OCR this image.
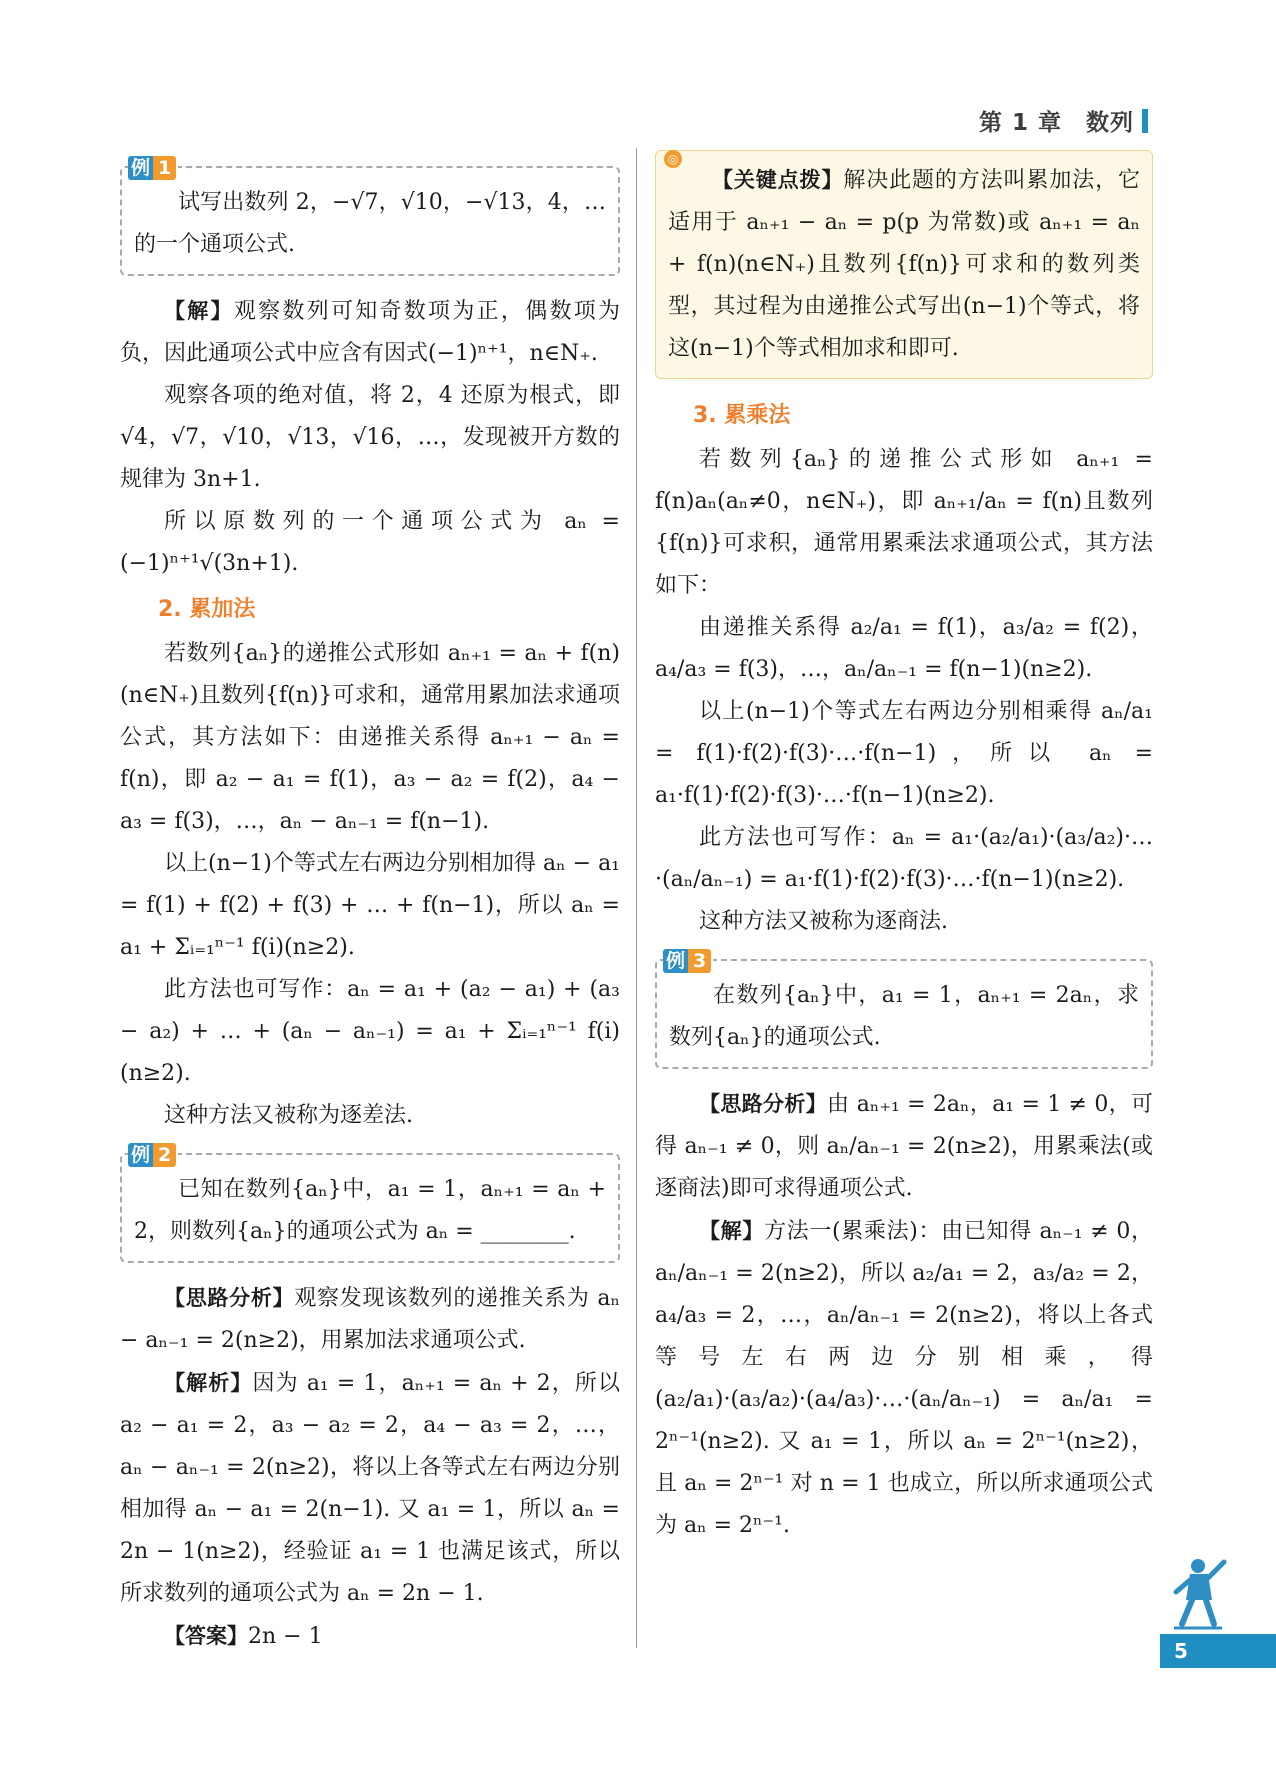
第 1 章　数列
例 1

试写出数列 2，−√7，√10，−√13，4，… 的一个通项公式.

【解】观察数列可知奇数项为正，偶数项为负，因此通项公式中应含有因式(−1)ⁿ⁺¹，n∈N₊.

观察各项的绝对值，将 2，4 还原为根式，即 √4，√7，√10，√13，√16，…，发现被开方数的规律为 3n+1.

所以原数列的一个通项公式为 aₙ = (−1)ⁿ⁺¹√(3n+1).

2. 累加法

若数列{aₙ}的递推公式形如 aₙ₊₁ = aₙ + f(n)(n∈N₊)且数列{f(n)}可求和，通常用累加法求通项公式，其方法如下：由递推关系得 aₙ₊₁ − aₙ = f(n)，即 a₂ − a₁ = f(1)，a₃ − a₂ = f(2)，a₄ − a₃ = f(3)，…，aₙ − aₙ₋₁ = f(n−1).

以上(n−1)个等式左右两边分别相加得 aₙ − a₁ = f(1) + f(2) + f(3) + … + f(n−1)，所以 aₙ = a₁ + Σᵢ₌₁ⁿ⁻¹ f(i)(n≥2).

此方法也可写作：aₙ = a₁ + (a₂ − a₁) + (a₃ − a₂) + … + (aₙ − aₙ₋₁) = a₁ + Σᵢ₌₁ⁿ⁻¹ f(i)(n≥2).

这种方法又被称为逐差法.

例 2

已知在数列{aₙ}中，a₁ = 1，aₙ₊₁ = aₙ + 2，则数列{aₙ}的通项公式为 aₙ = ________.

【思路分析】观察发现该数列的递推关系为 aₙ − aₙ₋₁ = 2(n≥2)，用累加法求通项公式.

【解析】因为 a₁ = 1，aₙ₊₁ = aₙ + 2，所以 a₂ − a₁ = 2，a₃ − a₂ = 2，a₄ − a₃ = 2，…，aₙ − aₙ₋₁ = 2(n≥2)，将以上各等式左右两边分别相加得 aₙ − a₁ = 2(n−1). 又 a₁ = 1，所以 aₙ = 2n − 1(n≥2)，经验证 a₁ = 1 也满足该式，所以所求数列的通项公式为 aₙ = 2n − 1.

【答案】2n − 1

◎

【关键点拨】解决此题的方法叫累加法，它适用于 aₙ₊₁ − aₙ = p(p 为常数)或 aₙ₊₁ = aₙ + f(n)(n∈N₊)且数列{f(n)}可求和的数列类型，其过程为由递推公式写出(n−1)个等式，将这(n−1)个等式相加求和即可.

3. 累乘法

若数列{aₙ}的递推公式形如 aₙ₊₁ = f(n)aₙ(aₙ≠0，n∈N₊)，即 aₙ₊₁/aₙ = f(n)且数列{f(n)}可求积，通常用累乘法求通项公式，其方法如下：

由递推关系得 a₂/a₁ = f(1)，a₃/a₂ = f(2)，a₄/a₃ = f(3)，…，aₙ/aₙ₋₁ = f(n−1)(n≥2).

以上(n−1)个等式左右两边分别相乘得 aₙ/a₁ = f(1)·f(2)·f(3)·…·f(n−1)，所以 aₙ = a₁·f(1)·f(2)·f(3)·…·f(n−1)(n≥2).

此方法也可写作：aₙ = a₁·(a₂/a₁)·(a₃/a₂)·…·(aₙ/aₙ₋₁) = a₁·f(1)·f(2)·f(3)·…·f(n−1)(n≥2).

这种方法又被称为逐商法.

例 3

在数列{aₙ}中，a₁ = 1，aₙ₊₁ = 2aₙ，求数列{aₙ}的通项公式.

【思路分析】由 aₙ₊₁ = 2aₙ，a₁ = 1 ≠ 0，可得 aₙ₋₁ ≠ 0，则 aₙ/aₙ₋₁ = 2(n≥2)，用累乘法(或逐商法)即可求得通项公式.

【解】方法一(累乘法)：由已知得 aₙ₋₁ ≠ 0，aₙ/aₙ₋₁ = 2(n≥2)，所以 a₂/a₁ = 2，a₃/a₂ = 2，a₄/a₃ = 2，…，aₙ/aₙ₋₁ = 2(n≥2)，将以上各式等号左右两边分别相乘，得 (a₂/a₁)·(a₃/a₂)·(a₄/a₃)·…·(aₙ/aₙ₋₁) = aₙ/a₁ = 2ⁿ⁻¹(n≥2). 又 a₁ = 1，所以 aₙ = 2ⁿ⁻¹(n≥2)，且 aₙ = 2ⁿ⁻¹ 对 n = 1 也成立，所以所求通项公式为 aₙ = 2ⁿ⁻¹.

5
